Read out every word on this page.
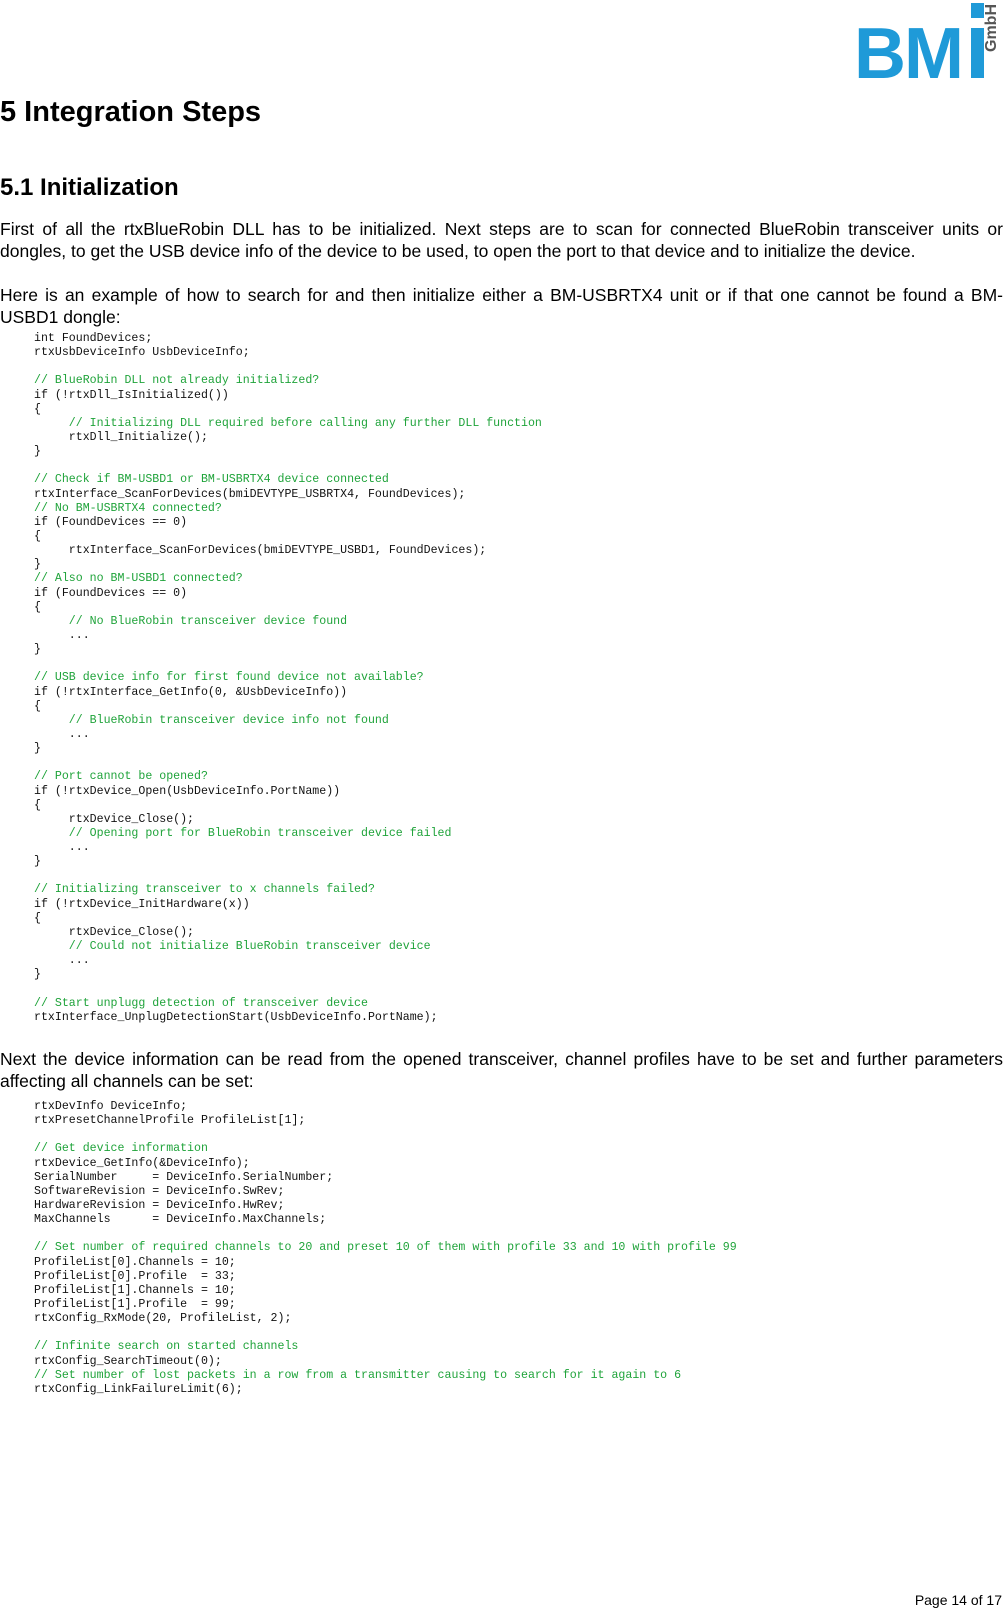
BM GmbH
5 Integration Steps
5.1 Initialization

First of all the rtxBlueRobin DLL has to be initialized. Next steps are to scan for connected BlueRobin transceiver units or dongles, to get the USB device info of the device to be used, to open the port to that device and to initialize the device.

Here is an example of how to search for and then initialize either a BM-USBRTX4 unit or if that one cannot be found a BM-USBD1 dongle:

int FoundDevices;
rtxUsbDeviceInfo UsbDeviceInfo;
// BlueRobin DLL not already initialized?
if (!rtxDll_IsInitialized())
{
// Initializing DLL required before calling any further DLL function
rtxDll_Initialize();
}
// Check if BM-USBD1 or BM-USBRTX4 device connected
rtxInterface_ScanForDevices(bmiDEVTYPE_USBRTX4, FoundDevices);
// No BM-USBRTX4 connected?
if (FoundDevices == 0)
{
rtxInterface_ScanForDevices(bmiDEVTYPE_USBD1, FoundDevices);
}
// Also no BM-USBD1 connected?
if (FoundDevices == 0)
{
// No BlueRobin transceiver device found
...
}
// USB device info for first found device not available?
if (!rtxInterface_GetInfo(0, &UsbDeviceInfo))
{
// BlueRobin transceiver device info not found
...
}
// Port cannot be opened?
if (!rtxDevice_Open(UsbDeviceInfo.PortName))
{
rtxDevice_Close();
// Opening port for BlueRobin transceiver device failed
...
}
// Initializing transceiver to x channels failed?
if (!rtxDevice_InitHardware(x))
{
rtxDevice_Close();
// Could not initialize BlueRobin transceiver device
...
}
// Start unplugg detection of transceiver device
rtxInterface_UnplugDetectionStart(UsbDeviceInfo.PortName);

Next the device information can be read from the opened transceiver, channel profiles have to be set and further parameters affecting all channels can be set:

rtxDevInfo DeviceInfo;
rtxPresetChannelProfile ProfileList[1];
// Get device information
rtxDevice_GetInfo(&DeviceInfo);
SerialNumber     = DeviceInfo.SerialNumber;
SoftwareRevision = DeviceInfo.SwRev;
HardwareRevision = DeviceInfo.HwRev;
MaxChannels      = DeviceInfo.MaxChannels;
// Set number of required channels to 20 and preset 10 of them with profile 33 and 10 with profile 99
ProfileList[0].Channels = 10;
ProfileList[0].Profile  = 33;
ProfileList[1].Channels = 10;
ProfileList[1].Profile  = 99;
rtxConfig_RxMode(20, ProfileList, 2);
// Infinite search on started channels
rtxConfig_SearchTimeout(0);
// Set number of lost packets in a row from a transmitter causing to search for it again to 6
rtxConfig_LinkFailureLimit(6);
Page 14 of 17
